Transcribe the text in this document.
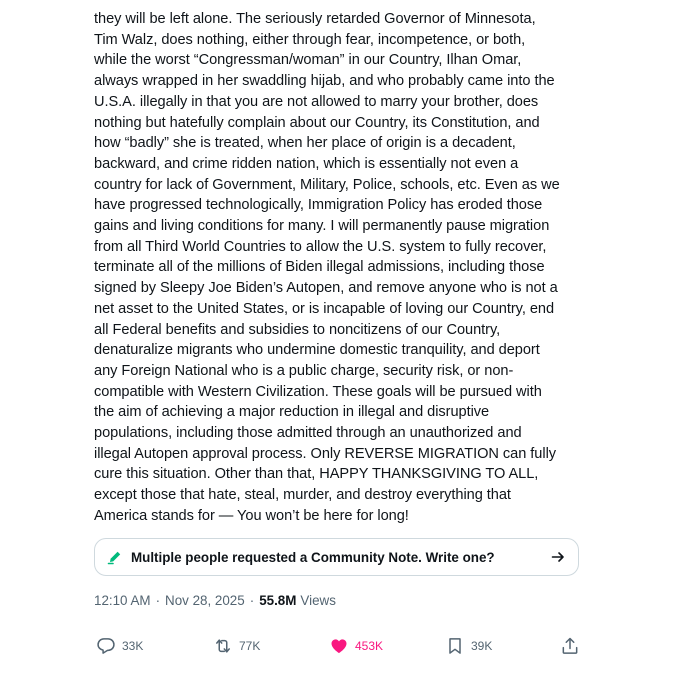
they will be left alone. The seriously retarded Governor of Minnesota,
Tim Walz, does nothing, either through fear, incompetence, or both,
while the worst “Congressman/woman” in our Country, Ilhan Omar,
always wrapped in her swaddling hijab, and who probably came into the
U.S.A. illegally in that you are not allowed to marry your brother, does
nothing but hatefully complain about our Country, its Constitution, and
how “badly” she is treated, when her place of origin is a decadent,
backward, and crime ridden nation, which is essentially not even a
country for lack of Government, Military, Police, schools, etc. Even as we
have progressed technologically, Immigration Policy has eroded those
gains and living conditions for many. I will permanently pause migration
from all Third World Countries to allow the U.S. system to fully recover,
terminate all of the millions of Biden illegal admissions, including those
signed by Sleepy Joe Biden’s Autopen, and remove anyone who is not a
net asset to the United States, or is incapable of loving our Country, end
all Federal benefits and subsidies to noncitizens of our Country,
denaturalize migrants who undermine domestic tranquility, and deport
any Foreign National who is a public charge, security risk, or non-
compatible with Western Civilization. These goals will be pursued with
the aim of achieving a major reduction in illegal and disruptive
populations, including those admitted through an unauthorized and
illegal Autopen approval process. Only REVERSE MIGRATION can fully
cure this situation. Other than that, HAPPY THANKSGIVING TO ALL,
except those that hate, steal, murder, and destroy everything that
America stands for — You won’t be here for long!

Multiple people requested a Community Note. Write one?
12:10 AM · Nov 28, 2025 · 55.8M Views
33K	77K	453K	39K
